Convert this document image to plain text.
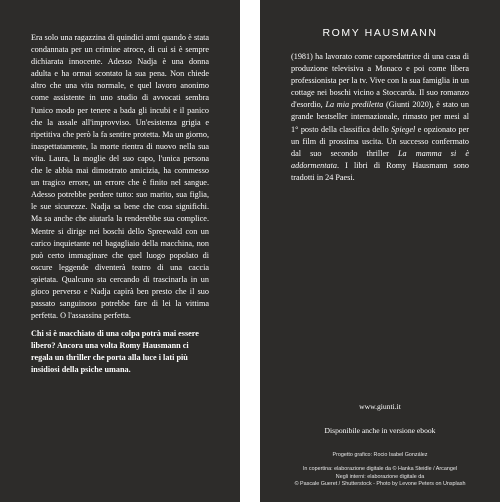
Era solo una ragazzina di quindici anni quando è stata condannata per un crimine atroce, di cui si è sempre dichiarata innocente. Adesso Nadja è una donna adulta e ha ormai scontato la sua pena. Non chiede altro che una vita normale, e quel lavoro anonimo come assistente in uno studio di avvocati sembra l'unico modo per tenere a bada gli incubi e il panico che la assale all'improvviso. Un'esistenza grigia e ripetitiva che però la fa sentire protetta. Ma un giorno, inaspettatamente, la morte rientra di nuovo nella sua vita. Laura, la moglie del suo capo, l'unica persona che le abbia mai dimostrato amicizia, ha commesso un tragico errore, un errore che è finito nel sangue. Adesso potrebbe perdere tutto: suo marito, sua figlia, le sue sicurezze. Nadja sa bene che cosa significhi. Ma sa anche che aiutarla la renderebbe sua complice. Mentre si dirige nei boschi dello Spreewald con un carico inquietante nel bagagliaio della macchina, non può certo immaginare che quel luogo popolato di oscure leggende diventerà teatro di una caccia spietata. Qualcuno sta cercando di trascinarla in un gioco perverso e Nadja capirà ben presto che il suo passato sanguinoso potrebbe fare di lei la vittima perfetta. O l'assassina perfetta.

Chi si è macchiato di una colpa potrà mai essere libero? Ancora una volta Romy Hausmann ci regala un thriller che porta alla luce i lati più insidiosi della psiche umana.

ROMY HAUSMANN

(1981) ha lavorato come caporedattrice di una casa di produzione televisiva a Monaco e poi come libera professionista per la tv. Vive con la sua famiglia in un cottage nei boschi vicino a Stoccarda. Il suo romanzo d'esordio, La mia prediletta (Giunti 2020), è stato un grande bestseller internazionale, rimasto per mesi al 1° posto della classifica dello Spiegel e opzionato per un film di prossima uscita. Un successo confermato dal suo secondo thriller La mamma si è addormentata. I libri di Romy Hausmann sono tradotti in 24 Paesi.

www.giunti.it
Disponibile anche in versione ebook
Progetto grafico: Rocio Isabel González
In copertina: elaborazione digitale da © Hanka Steidle / Arcangel
Negli interni: elaborazione digitale da
© Pascale Gueret / Shutterstock - Photo by Levone Peters on Unsplash
